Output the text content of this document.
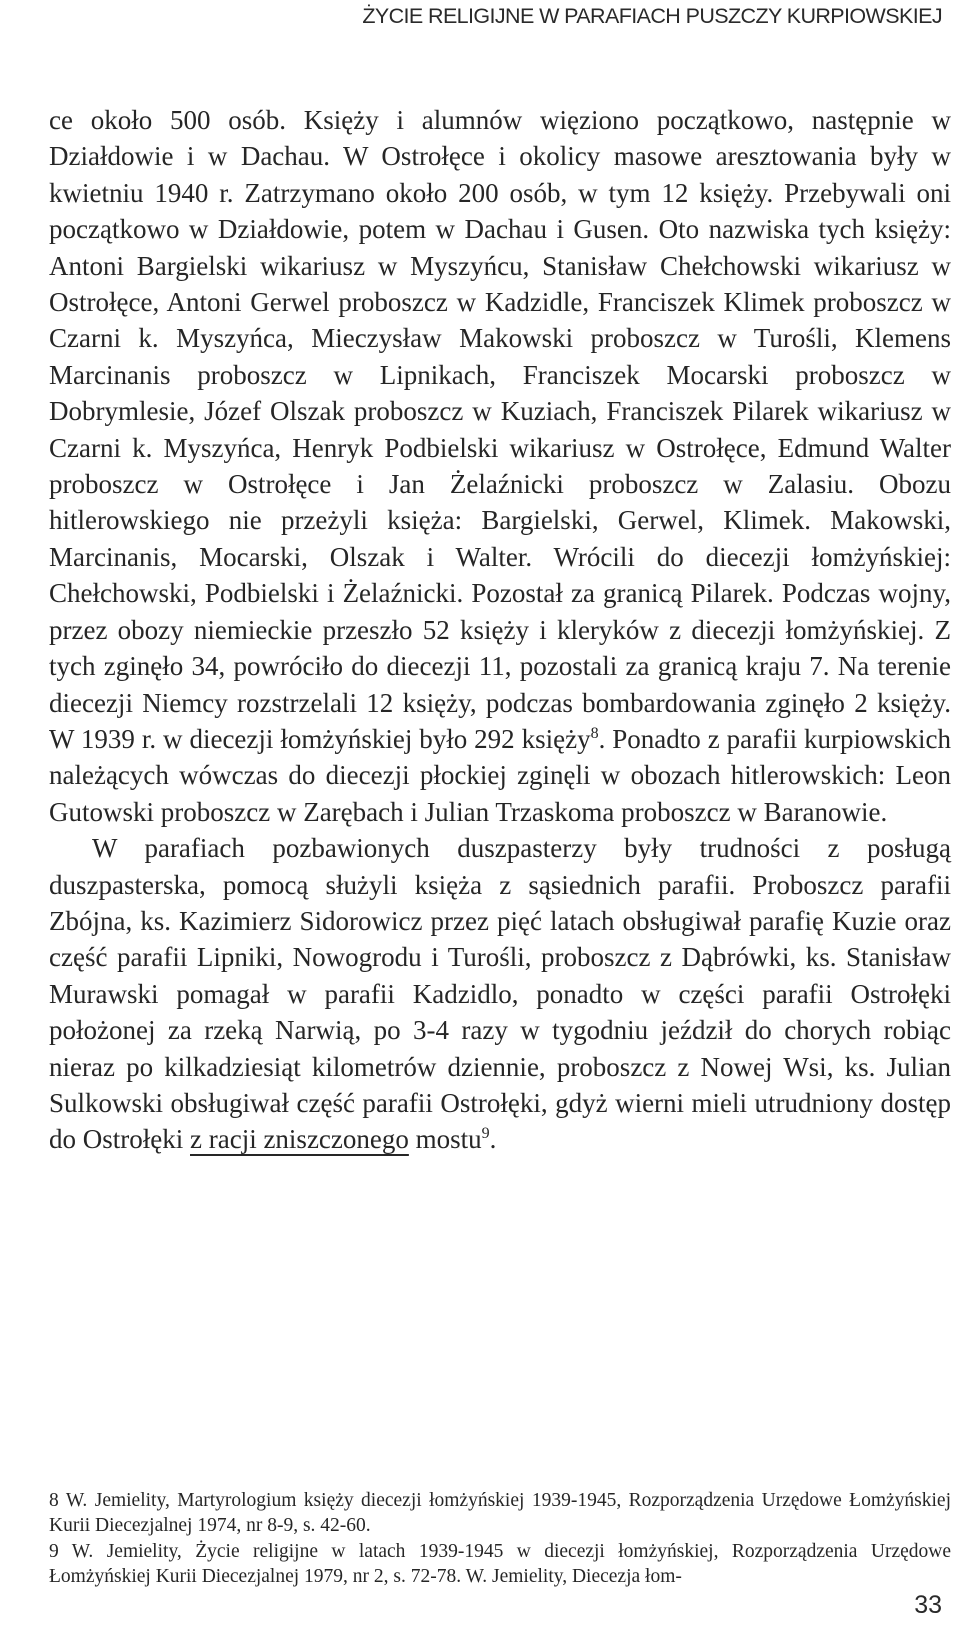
ŻYCIE RELIGIJNE W PARAFIACH PUSZCZY KURPIOWSKIEJ

ce około 500 osób. Księży i alumnów więziono początkowo, następnie w Działdowie i w Dachau. W Ostrołęce i okolicy masowe aresztowania były w kwietniu 1940 r. Zatrzymano około 200 osób, w tym 12 księży. Przebywali oni początkowo w Działdowie, potem w Dachau i Gusen. Oto nazwiska tych księży: Antoni Bargielski wikariusz w Myszyńcu, Stanisław Chełchowski wikariusz w Ostrołęce, Antoni Gerwel proboszcz w Kadzidle, Franciszek Klimek proboszcz w Czarni k. Myszyńca, Mieczysław Makowski proboszcz w Turośli, Klemens Marcinanis proboszcz w Lipnikach, Franciszek Mocarski proboszcz w Dobrymlesie, Józef Olszak proboszcz w Kuziach, Franciszek Pilarek wikariusz w Czarni k. Myszyńca, Henryk Podbielski wikariusz w Ostrołęce, Edmund Walter proboszcz w Ostrołęce i Jan Żelaźnicki proboszcz w Zalasiu. Obozu hitlerowskiego nie przeżyli księża: Bargielski, Gerwel, Klimek. Makowski, Marcinanis, Mocarski, Olszak i Walter. Wrócili do diecezji łomżyńskiej: Chełchowski, Podbielski i Żelaźnicki. Pozostał za granicą Pilarek. Podczas wojny, przez obozy niemieckie przeszło 52 księży i kleryków z diecezji łomżyńskiej. Z tych zginęło 34, powróciło do diecezji 11, pozostali za granicą kraju 7. Na terenie diecezji Niemcy rozstrzelali 12 księży, podczas bombardowania zginęło 2 księży. W 1939 r. w diecezji łomżyńskiej było 292 księży$^8$. Ponadto z parafii kurpiowskich należących wówczas do diecezji płockiej zginęli w obozach hitlerowskich: Leon Gutowski proboszcz w Zarębach i Julian Trzaskoma proboszcz w Baranowie.

W parafiach pozbawionych duszpasterzy były trudności z posługą duszpasterska, pomocą służyli księża z sąsiednich parafii. Proboszcz parafii Zbójna, ks. Kazimierz Sidorowicz przez pięć latach obsługiwał parafię Kuzie oraz część parafii Lipniki, Nowogrodu i Turośli, proboszcz z Dąbrówki, ks. Stanisław Murawski pomagał w parafii Kadzidlo, ponadto w części parafii Ostrołęki położonej za rzeką Narwią, po 3-4 razy w tygodniu jeździł do chorych robiąc nieraz po kilkadziesiąt kilometrów dziennie, proboszcz z Nowej Wsi, ks. Julian Sulkowski obsługiwał część parafii Ostrołęki, gdyż wierni mieli utrudniony dostęp do Ostrołęki z racji zniszczonego mostu$^9$.

8 W. Jemielity, Martyrologium księży diecezji łomżyńskiej 1939-1945, Rozporządzenia Urzędowe Łomżyńskiej Kurii Diecezjalnej 1974, nr 8-9, s. 42-60.

9 W. Jemielity, Życie religijne w latach 1939-1945 w diecezji łomżyńskiej, Rozporządzenia Urzędowe Łomżyńskiej Kurii Diecezjalnej 1979, nr 2, s. 72-78. W. Jemielity, Diecezja łom-

33
